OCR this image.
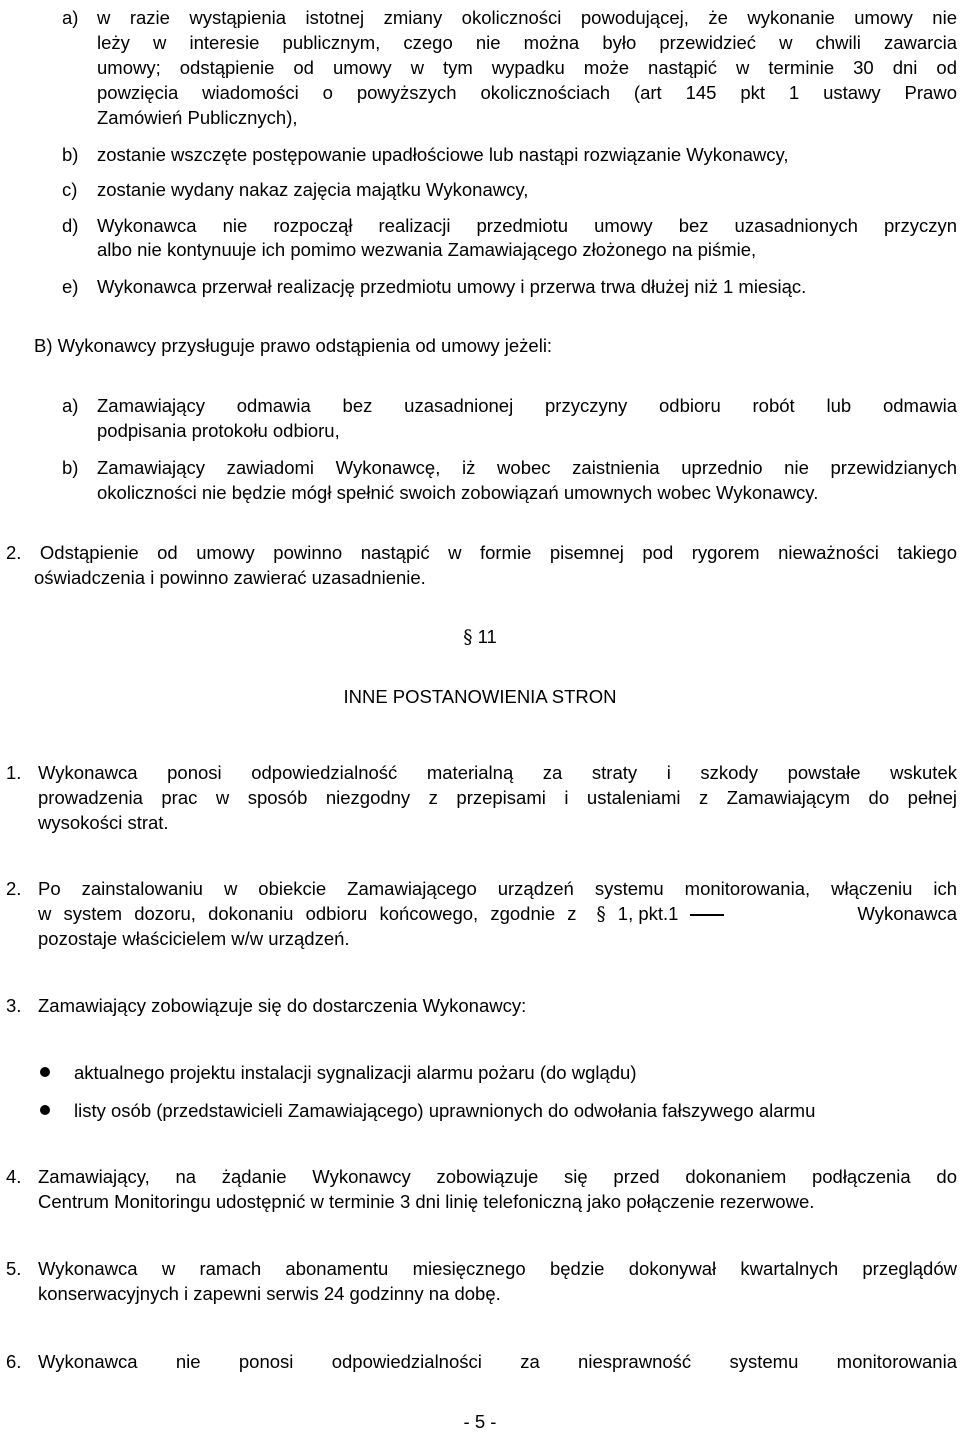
a) w razie wystąpienia istotnej zmiany okoliczności powodującej, że wykonanie umowy nie
leży w interesie publicznym, czego nie można było przewidzieć w chwili zawarcia
umowy; odstąpienie od umowy w tym wypadku może nastąpić w terminie 30 dni od
powzięcia wiadomości o powyższych okolicznościach (art 145 pkt 1 ustawy Prawo
Zamówień Publicznych),
b) zostanie wszczęte postępowanie upadłościowe lub nastąpi rozwiązanie Wykonawcy,
c) zostanie wydany nakaz zajęcia majątku Wykonawcy,
d) Wykonawca nie rozpoczął realizacji przedmiotu umowy bez uzasadnionych przyczyn
albo nie kontynuuje ich pomimo wezwania Zamawiającego złożonego na piśmie,
e) Wykonawca przerwał realizację przedmiotu umowy i przerwa trwa dłużej niż 1 miesiąc.
B) Wykonawcy przysługuje prawo odstąpienia od umowy jeżeli:
a) Zamawiający odmawia bez uzasadnionej przyczyny odbioru robót lub odmawia
podpisania protokołu odbioru,
b) Zamawiający zawiadomi Wykonawcę, iż wobec zaistnienia uprzednio nie przewidzianych
okoliczności nie będzie mógł spełnić swoich zobowiązań umownych wobec Wykonawcy.
2. Odstąpienie od umowy powinno nastąpić w formie pisemnej pod rygorem nieważności takiego
oświadczenia i powinno zawierać uzasadnienie.
§ 11
INNE POSTANOWIENIA STRON
1. Wykonawca ponosi odpowiedzialność materialną za straty i szkody powstałe wskutek
prowadzenia prac w sposób niezgodny z przepisami i ustaleniami z Zamawiającym do pełnej
wysokości strat.
2. Po zainstalowaniu w obiekcie Zamawiającego urządzeń systemu monitorowania, włączeniu ich
w system dozoru, dokonaniu odbioru końcowego, zgodnie z § 1, pkt.1	Wykonawca
pozostaje właścicielem w/w urządzeń.
3. Zamawiający zobowiązuje się do dostarczenia Wykonawcy:
aktualnego projektu instalacji sygnalizacji alarmu pożaru (do wglądu)
listy osób (przedstawicieli Zamawiającego) uprawnionych do odwołania fałszywego alarmu
4. Zamawiający, na żądanie Wykonawcy zobowiązuje się przed dokonaniem podłączenia do
Centrum Monitoringu udostępnić w terminie 3 dni linię telefoniczną jako połączenie rezerwowe.
5. Wykonawca w ramach abonamentu miesięcznego będzie dokonywał kwartalnych przeglądów
konserwacyjnych i zapewni serwis 24 godzinny na dobę.
6. Wykonawca nie ponosi odpowiedzialności za niesprawność systemu monitorowania
- 5 -
